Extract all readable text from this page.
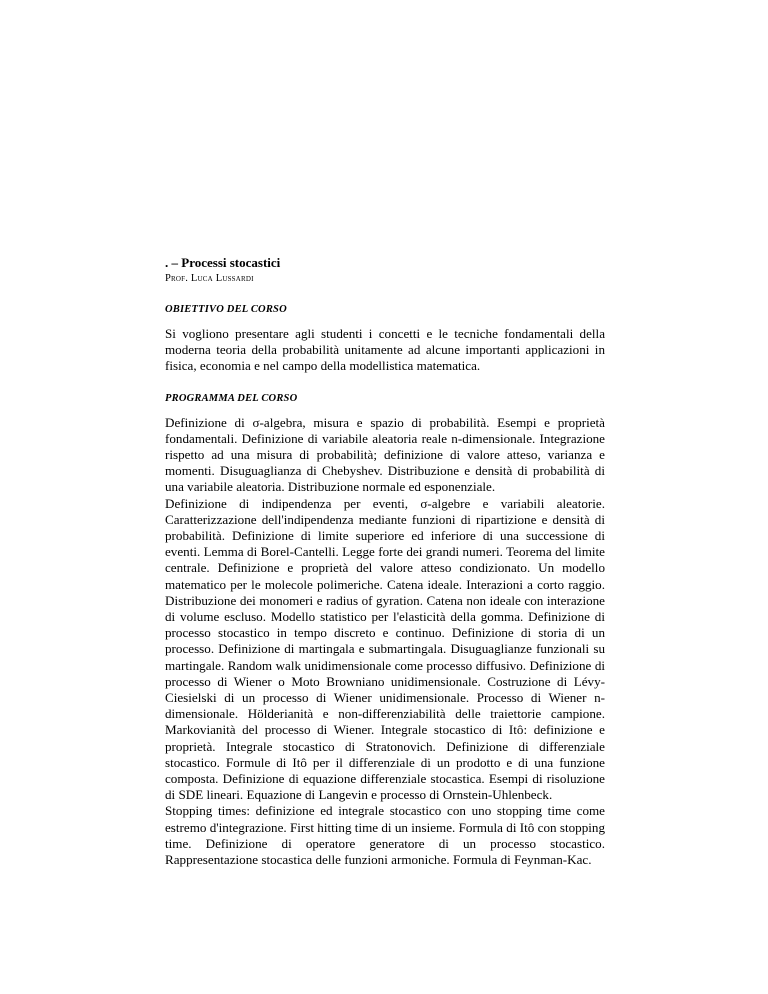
. – Processi stocastici

Prof. Luca Lussardi

OBIETTIVO DEL CORSO

Si vogliono presentare agli studenti i concetti e le tecniche fondamentali della moderna teoria della probabilità unitamente ad alcune importanti applicazioni in fisica, economia e nel campo della modellistica matematica.

PROGRAMMA DEL CORSO

Definizione di σ-algebra, misura e spazio di probabilità. Esempi e proprietà fondamentali. Definizione di variabile aleatoria reale n-dimensionale. Integrazione rispetto ad una misura di probabilità; definizione di valore atteso, varianza e momenti. Disuguaglianza di Chebyshev. Distribuzione e densità di probabilità di una variabile aleatoria. Distribuzione normale ed esponenziale.

Definizione di indipendenza per eventi, σ-algebre e variabili aleatorie. Caratterizzazione dell'indipendenza mediante funzioni di ripartizione e densità di probabilità. Definizione di limite superiore ed inferiore di una successione di eventi. Lemma di Borel-Cantelli. Legge forte dei grandi numeri. Teorema del limite centrale. Definizione e proprietà del valore atteso condizionato. Un modello matematico per le molecole polimeriche. Catena ideale. Interazioni a corto raggio. Distribuzione dei monomeri e radius of gyration. Catena non ideale con interazione di volume escluso. Modello statistico per l'elasticità della gomma. Definizione di processo stocastico in tempo discreto e continuo. Definizione di storia di un processo. Definizione di martingala e submartingala. Disuguaglianze funzionali su martingale. Random walk unidimensionale come processo diffusivo. Definizione di processo di Wiener o Moto Browniano unidimensionale. Costruzione di Lévy-Ciesielski di un processo di Wiener unidimensionale. Processo di Wiener n-dimensionale. Hölderianità e non-differenziabilità delle traiettorie campione. Markovianità del processo di Wiener. Integrale stocastico di Itô: definizione e proprietà. Integrale stocastico di Stratonovich. Definizione di differenziale stocastico. Formule di Itô per il differenziale di un prodotto e di una funzione composta. Definizione di equazione differenziale stocastica. Esempi di risoluzione di SDE lineari. Equazione di Langevin e processo di Ornstein-Uhlenbeck.

Stopping times: definizione ed integrale stocastico con uno stopping time come estremo d'integrazione. First hitting time di un insieme. Formula di Itô con stopping time. Definizione di operatore generatore di un processo stocastico. Rappresentazione stocastica delle funzioni armoniche. Formula di Feynman-Kac.
